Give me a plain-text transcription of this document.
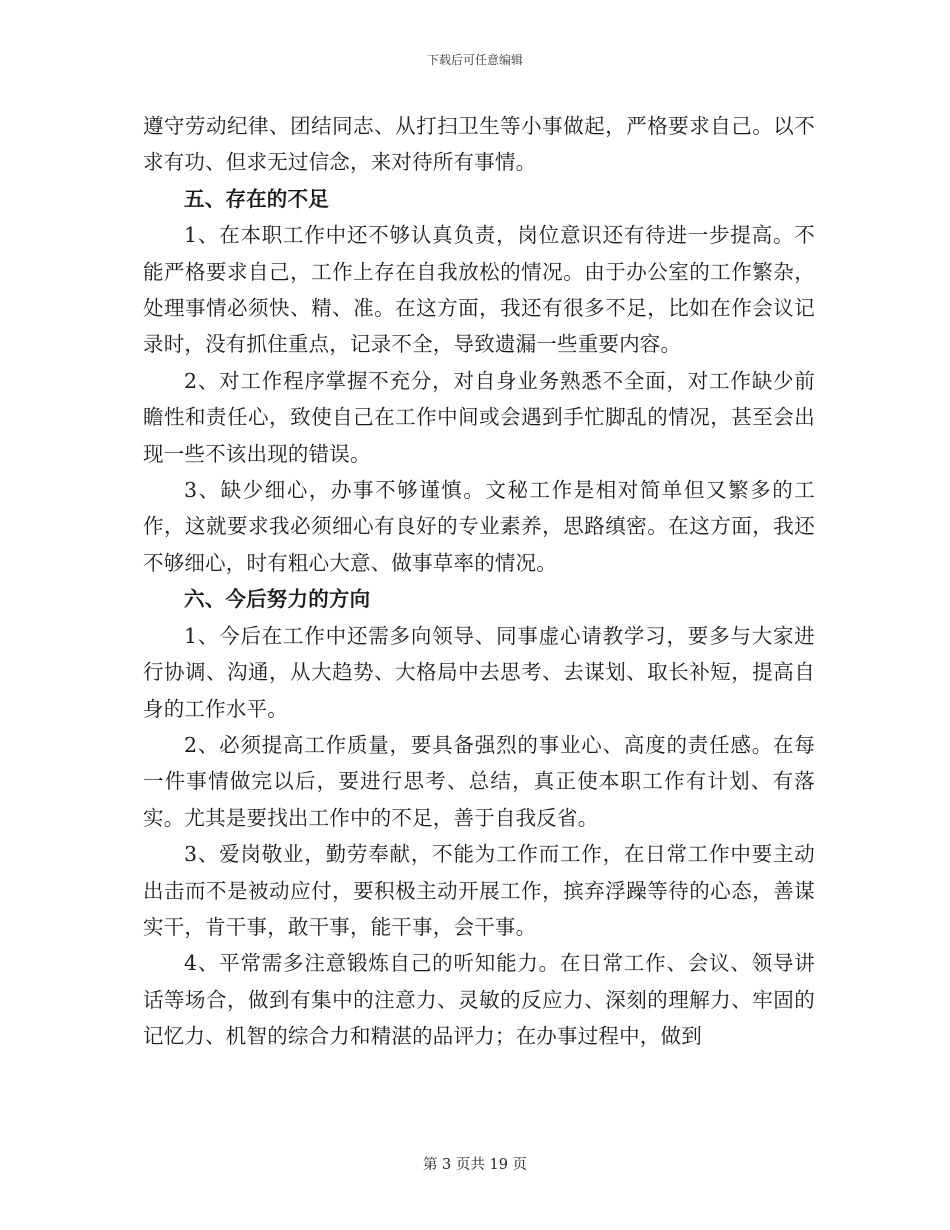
下载后可任意编辑

遵守劳动纪律、团结同志、从打扫卫生等小事做起，严格要求自己。以不求有功、但求无过信念，来对待所有事情。

五、存在的不足

1、在本职工作中还不够认真负责，岗位意识还有待进一步提高。不能严格要求自己，工作上存在自我放松的情况。由于办公室的工作繁杂，处理事情必须快、精、准。在这方面，我还有很多不足，比如在作会议记录时，没有抓住重点，记录不全，导致遗漏一些重要内容。

2、对工作程序掌握不充分，对自身业务熟悉不全面，对工作缺少前瞻性和责任心，致使自己在工作中间或会遇到手忙脚乱的情况，甚至会出现一些不该出现的错误。

3、缺少细心，办事不够谨慎。文秘工作是相对简单但又繁多的工作，这就要求我必须细心有良好的专业素养，思路缜密。在这方面，我还不够细心，时有粗心大意、做事草率的情况。

六、今后努力的方向

1、今后在工作中还需多向领导、同事虚心请教学习，要多与大家进行协调、沟通，从大趋势、大格局中去思考、去谋划、取长补短，提高自身的工作水平。

2、必须提高工作质量，要具备强烈的事业心、高度的责任感。在每一件事情做完以后，要进行思考、总结，真正使本职工作有计划、有落实。尤其是要找出工作中的不足，善于自我反省。

3、爱岗敬业，勤劳奉献，不能为工作而工作，在日常工作中要主动出击而不是被动应付，要积极主动开展工作，摈弃浮躁等待的心态，善谋实干，肯干事，敢干事，能干事，会干事。

4、平常需多注意锻炼自己的听知能力。在日常工作、会议、领导讲话等场合，做到有集中的注意力、灵敏的反应力、深刻的理解力、牢固的记忆力、机智的综合力和精湛的品评力；在办事过程中，做到

第 3 页共 19 页
